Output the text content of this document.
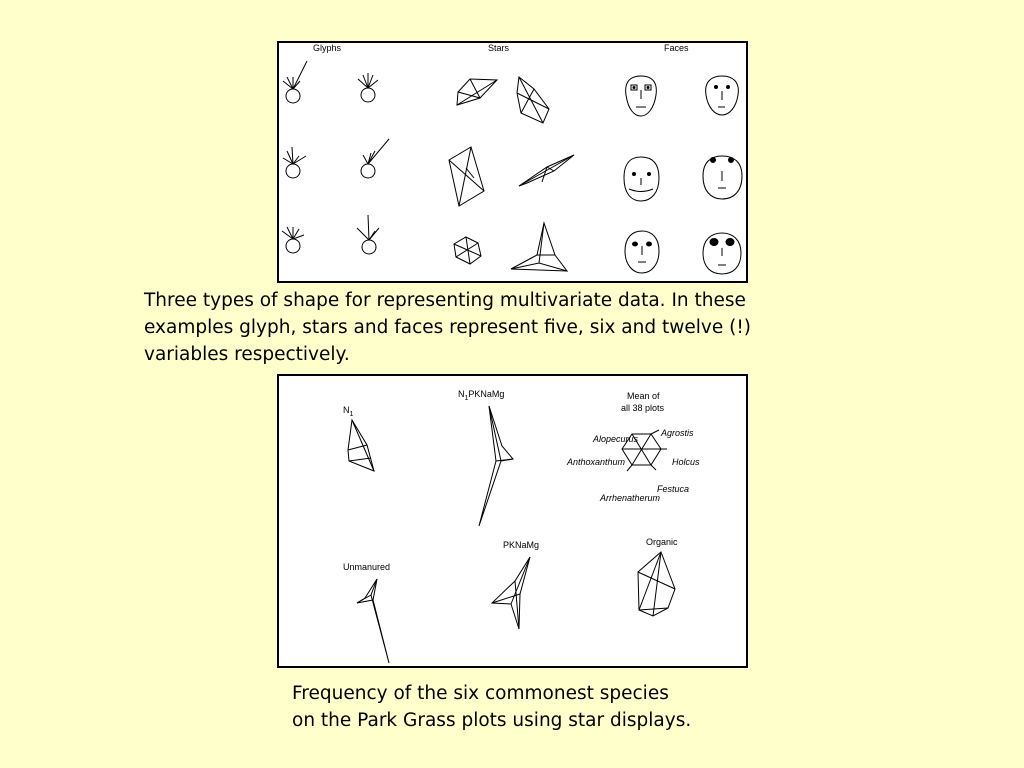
Glyphs	Stars	Faces
Three types of shape for representing multivariate data. In these
examples glyph, stars and faces represent five, six and twelve (!)
variables respectively.
$N_1$
$N_1PKNaMg$	Mean of
all 38 plots
Unmanured
PKNaMg	Organic
Agrostis
Alopecurus
Anthoxanthum	Holcus
Festuca
Arrhenatherum
Frequency of the six commonest species
on the Park Grass plots using star displays.
